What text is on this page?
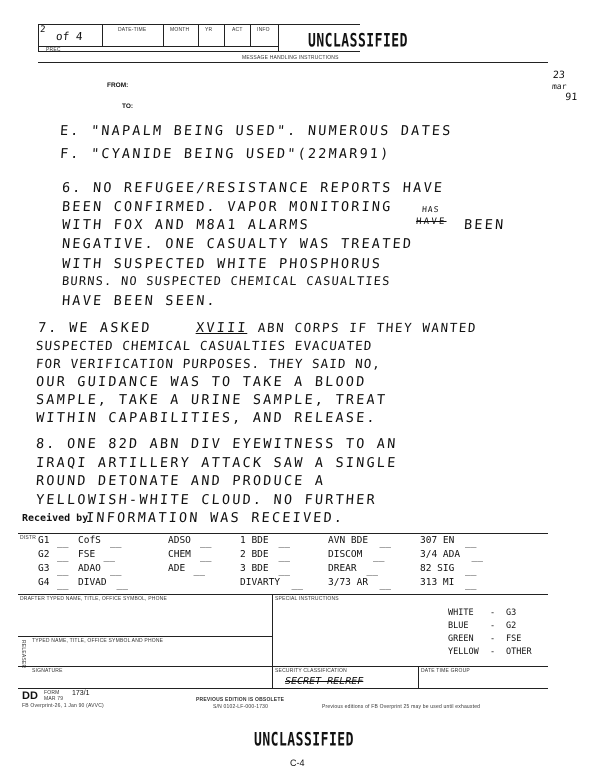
2 of 4
PREC
DATE-TIME	MONTH	YR	ACT	INFO
UNCLASSIFIED
MESSAGE HANDLING INSTRUCTIONS
23
mar
91
FROM:
TO:
E. "NAPALM BEING USED". NUMEROUS DATES
F. "CYANIDE BEING USED"(22MAR91)
6. NO REFUGEE/RESISTANCE REPORTS HAVE
BEEN CONFIRMED. VAPOR MONITORING
WITH FOX AND M8A1 ALARMS	HAVE
HAS
BEEN
NEGATIVE. ONE CASUALTY WAS TREATED
WITH SUSPECTED WHITE PHOSPHORUS
BURNS. NO SUSPECTED CHEMICAL CASUALTIES
HAVE BEEN SEEN.
7. WE ASKED	XVIII ABN CORPS IF THEY WANTED
SUSPECTED CHEMICAL CASUALTIES EVACUATED
FOR VERIFICATION PURPOSES. THEY SAID NO,
OUR GUIDANCE WAS TO TAKE A BLOOD
SAMPLE, TAKE A URINE SAMPLE, TREAT
WITHIN CAPABILITIES, AND RELEASE.
8. ONE 82D ABN DIV EYEWITNESS TO AN
IRAQI ARTILLERY ATTACK SAW A SINGLE
ROUND DETONATE AND PRODUCE A
YELLOWISH-WHITE CLOUD. NO FURTHER
INFORMATION WAS RECEIVED.
Received by
DISTR G1 __ CofS __	ADSO __	1 BDE __	AVN BDE __	307 EN __
G2 __ FSE __	CHEM __	2 BDE __	DISCOM __	3/4 ADA __
G3 __ ADAO __	ADE __	3 BDE __	DREAR __	82 SIG __
G4 __ DIVAD __	DIVARTY __	3/73 AR __	313 MI __
DRAFTER TYPED NAME, TITLE, OFFICE SYMBOL, PHONE	SPECIAL INSTRUCTIONS
WHITE - G3
BLUE	- G2
GREEN - FSE
YELLOW - OTHER
TYPED NAME, TITLE, OFFICE SYMBOL AND PHONE
RELEASER
SIGNATURE	SECURITY CLASSIFICATION
SECRET RELREF
DATE TIME GROUP
DD FORM
MAR 79
173/1
PREVIOUS EDITION IS OBSOLETE
S/N 0102-LF-000-1730
FB Overprint-26, 1 Jan 90 (AVVC)	Previous editions of FB Overprint 25 may be used until exhausted
UNCLASSIFIED
C-4
